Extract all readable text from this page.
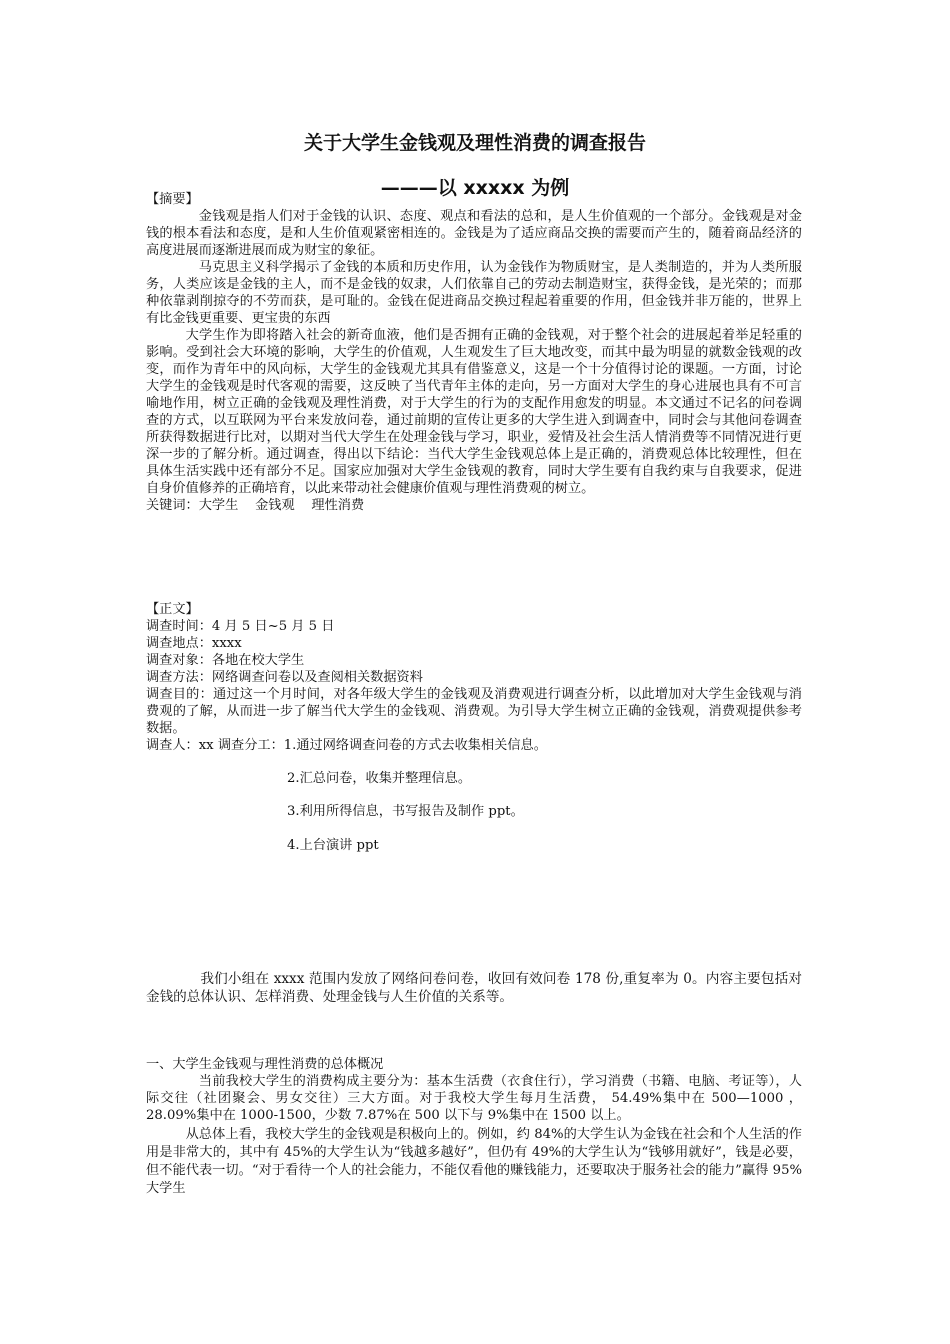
关于大学生金钱观及理性消费的调查报告
———以 xxxxx 为例

【摘要】

金钱观是指人们对于金钱的认识、态度、观点和看法的总和，是人生价值观的一个部分。金钱观是对金钱的根本看法和态度，是和人生价值观紧密相连的。金钱是为了适应商品交换的需要而产生的，随着商品经济的高度进展而逐渐进展而成为财宝的象征。

马克思主义科学揭示了金钱的本质和历史作用，认为金钱作为物质财宝，是人类制造的，并为人类所服务，人类应该是金钱的主人，而不是金钱的奴隶，人们依靠自己的劳动去制造财宝，获得金钱，是光荣的；而那种依靠剥削掠夺的不劳而获，是可耻的。金钱在促进商品交换过程起着重要的作用，但金钱并非万能的，世界上有比金钱更重要、更宝贵的东西

大学生作为即将踏入社会的新奇血液，他们是否拥有正确的金钱观，对于整个社会的进展起着举足轻重的影响。受到社会大环境的影响，大学生的价值观，人生观发生了巨大地改变，而其中最为明显的就数金钱观的改变，而作为青年中的风向标，大学生的金钱观尤其具有借鉴意义，这是一个十分值得讨论的课题。一方面，讨论大学生的金钱观是时代客观的需要，这反映了当代青年主体的走向，另一方面对大学生的身心进展也具有不可言喻地作用，树立正确的金钱观及理性消费，对于大学生的行为的支配作用愈发的明显。本文通过不记名的问卷调查的方式，以互联网为平台来发放问卷，通过前期的宣传让更多的大学生进入到调查中，同时会与其他问卷调查所获得数据进行比对，以期对当代大学生在处理金钱与学习，职业，爱情及社会生活人情消费等不同情况进行更深一步的了解分析。通过调查，得出以下结论：当代大学生金钱观总体上是正确的，消费观总体比较理性，但在具体生活实践中还有部分不足。国家应加强对大学生金钱观的教育，同时大学生要有自我约束与自我要求，促进自身价值修养的正确培育，以此来带动社会健康价值观与理性消费观的树立。

关键词：大学生    金钱观    理性消费

【正文】

调查时间：4 月 5 日~5 月 5 日

调查地点：xxxx

调查对象：各地在校大学生

调查方法：网络调查问卷以及查阅相关数据资料

调查目的：通过这一个月时间，对各年级大学生的金钱观及消费观进行调查分析，以此增加对大学生金钱观与消费观的了解，从而进一步了解当代大学生的金钱观、消费观。为引导大学生树立正确的金钱观，消费观提供参考数据。

调查人：xx 调查分工：1.通过网络调查问卷的方式去收集相关信息。

2.汇总问卷，收集并整理信息。
3.利用所得信息，书写报告及制作 ppt。
4.上台演讲 ppt
我们小组在 xxxx 范围内发放了网络问卷问卷，收回有效问卷 178 份,重复率为 0。内容主要包括对金钱的总体认识、怎样消费、处理金钱与人生价值的关系等。

一、大学生金钱观与理性消费的总体概况

当前我校大学生的消费构成主要分为：基本生活费（衣食住行），学习消费（书籍、电脑、考证等），人际交往（社团聚会、男女交往）三大方面。对于我校大学生每月生活费， 54.49%集中在 500—1000 ，28.09%集中在 1000-1500，少数 7.87%在 500 以下与 9%集中在 1500 以上。

从总体上看，我校大学生的金钱观是积极向上的。例如，约 84%的大学生认为金钱在社会和个人生活的作用是非常大的，其中有 45%的大学生认为“钱越多越好”，但仍有 49%的大学生认为“钱够用就好”，钱是必要，但不能代表一切。“对于看待一个人的社会能力，不能仅看他的赚钱能力，还要取决于服务社会的能力”赢得 95%大学生
